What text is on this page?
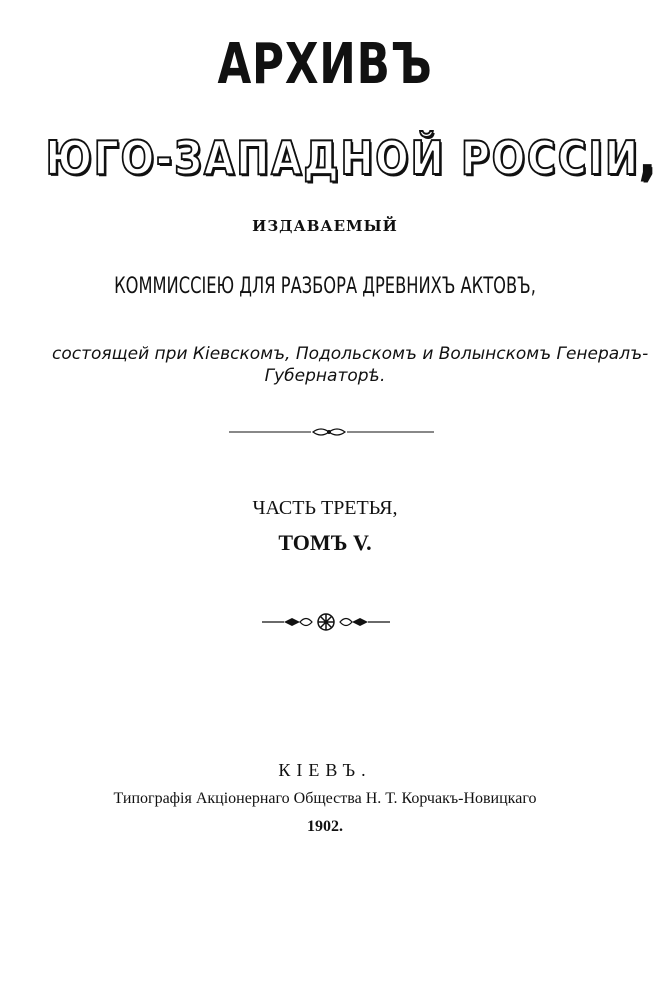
АРХИВЪ
ЮГО-ЗАПАДНОЙ РОССІИ,
ИЗДАВАЕМЫЙ
КОММИССІЕЮ ДЛЯ РАЗБОРА ДРЕВНИХЪ АКТОВЪ,
состоящей при Кіевскомъ, Подольскомъ и Волынскомъ Генералъ-
Губернаторѣ.
ЧАСТЬ ТРЕТЬЯ,
ТОМЪ V.
КІЕВЪ.
Типографія Акціонернаго Общества Н. Т. Корчакъ-Новицкаго
1902.
